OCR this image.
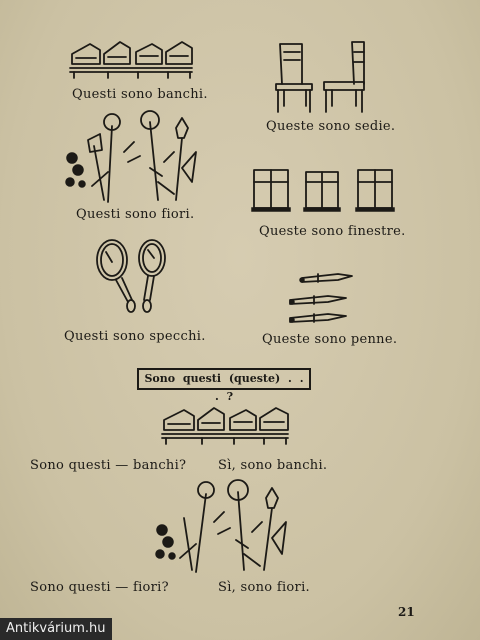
Questi sono banchi.
Queste sono sedie.
Questi sono fiori.
Queste sono finestre.
Questi sono specchi.	Queste sono penne.
Sono questi (queste) . . . ?
Sono questi — banchi? Sì, sono banchi.
Sono questi — fiori?	Sì, sono fiori.
21
Antikvárium.hu
